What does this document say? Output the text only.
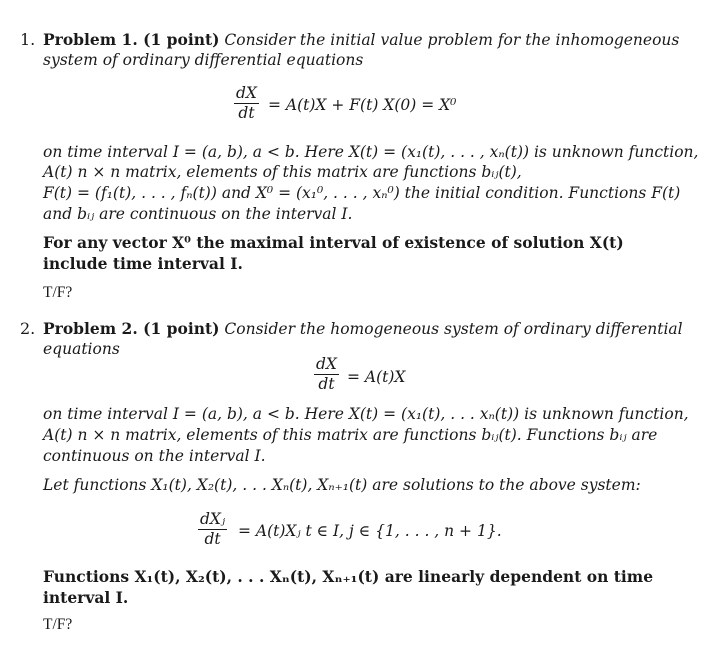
1. Problem 1. (1 point) Consider the initial value problem for the inhomogeneous
system of ordinary differential equations
dX
dt = A(t)X + F(t) X(0) = X⁰
on time interval I = (a, b), a < b. Here X(t) = (x₁(t), . . . , xₙ(t)) is unknown function,
A(t) n × n matrix, elements of this matrix are functions bᵢⱼ(t),
F(t) = (f₁(t), . . . , fₙ(t)) and X⁰ = (x₁⁰, . . . , xₙ⁰) the initial condition. Functions F(t)
and bᵢⱼ are continuous on the interval I.
For any vector X⁰ the maximal interval of existence of solution X(t)
include time interval I.
T/F?
2. Problem 2. (1 point) Consider the homogeneous system of ordinary differential
equations
dX
dt = A(t)X
on time interval I = (a, b), a < b. Here X(t) = (x₁(t), . . . xₙ(t)) is unknown function,
A(t) n × n matrix, elements of this matrix are functions bᵢⱼ(t). Functions bᵢⱼ are
continuous on the interval I.
Let functions X₁(t), X₂(t), . . . Xₙ(t), Xₙ₊₁(t) are solutions to the above system:
dXⱼ
dt = A(t)Xⱼ t ∈ I, j ∈ {1, . . . , n + 1}.
Functions X₁(t), X₂(t), . . . Xₙ(t), Xₙ₊₁(t) are linearly dependent on time
interval I.
T/F?
